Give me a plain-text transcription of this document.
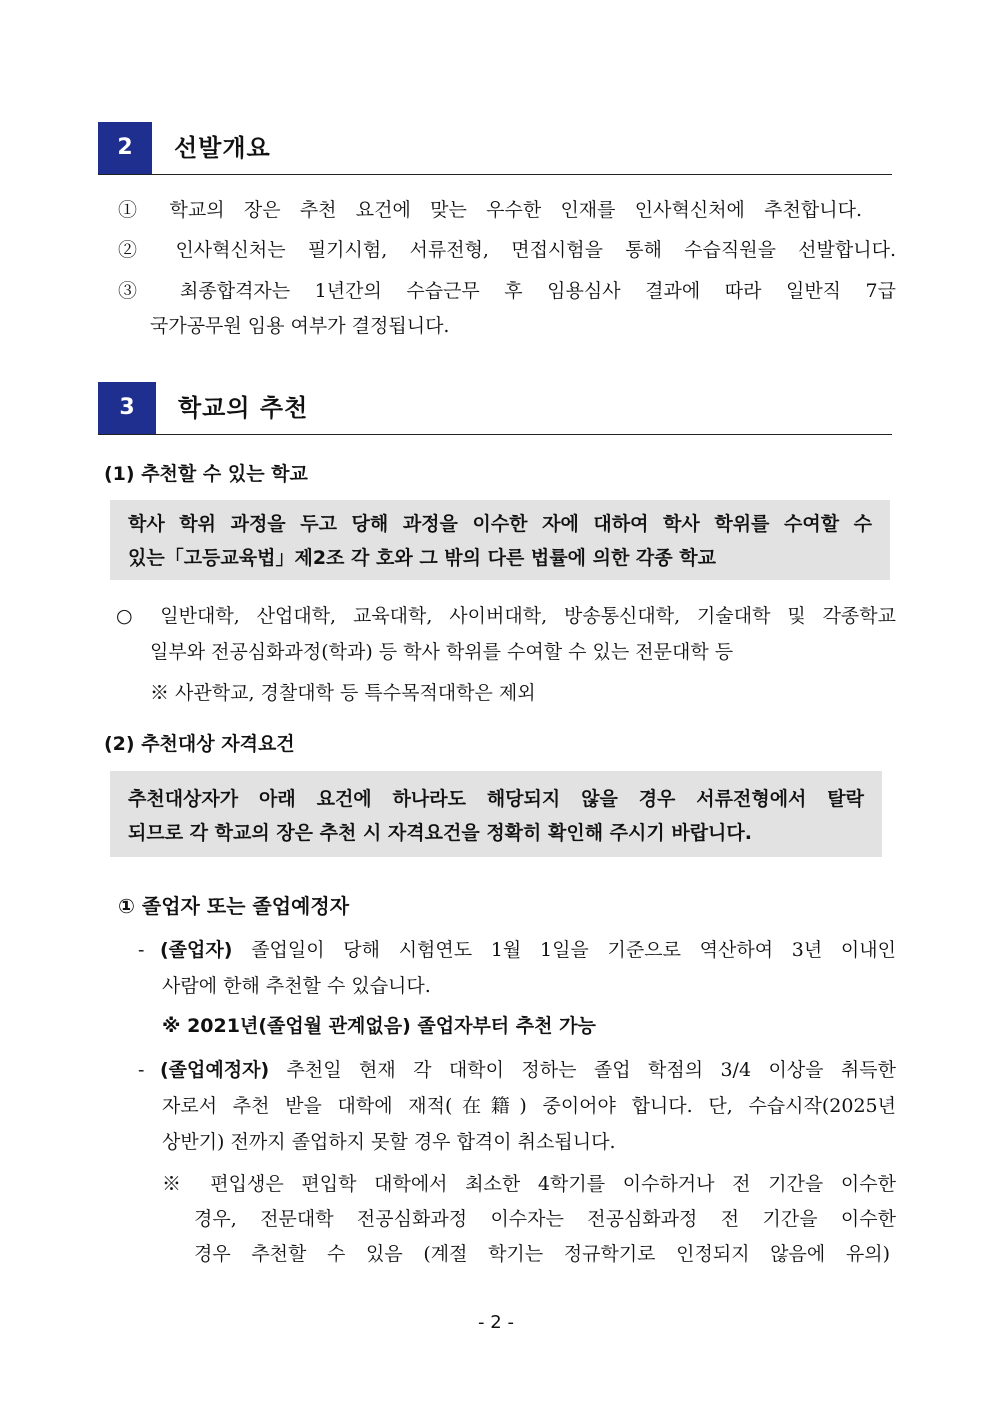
2	선발개요
① 학교의 장은 추천 요건에 맞는 우수한 인재를 인사혁신처에 추천합니다.
② 인사혁신처는 필기시험, 서류전형, 면접시험을 통해 수습직원을 선발합니다.
③ 최종합격자는 1년간의 수습근무 후 임용심사 결과에 따라 일반직 7급
국가공무원 임용 여부가 결정됩니다.
3	학교의 추천
(1) 추천할 수 있는 학교
학사 학위 과정을 두고 당해 과정을 이수한 자에 대하여 학사 학위를 수여할 수
있는「고등교육법」제2조 각 호와 그 밖의 다른 법률에 의한 각종 학교
○ 일반대학, 산업대학, 교육대학, 사이버대학, 방송통신대학, 기술대학 및 각종학교
일부와 전공심화과정(학과) 등 학사 학위를 수여할 수 있는 전문대학 등
※ 사관학교, 경찰대학 등 특수목적대학은 제외
(2) 추천대상 자격요건
추천대상자가 아래 요건에 하나라도 해당되지 않을 경우 서류전형에서 탈락
되므로 각 학교의 장은 추천 시 자격요건을 정확히 확인해 주시기 바랍니다.
① 졸업자 또는 졸업예정자
- (졸업자) 졸업일이 당해 시험연도 1월 1일을 기준으로 역산하여 3년 이내인
사람에 한해 추천할 수 있습니다.
※ 2021년(졸업월 관계없음) 졸업자부터 추천 가능
- (졸업예정자) 추천일 현재 각 대학이 정하는 졸업 학점의 3/4 이상을 취득한
자로서 추천 받을 대학에 재적(在籍) 중이어야 합니다. 단, 수습시작(2025년
상반기) 전까지 졸업하지 못할 경우 합격이 취소됩니다.
※ 편입생은 편입학 대학에서 최소한 4학기를 이수하거나 전 기간을 이수한
경우, 전문대학 전공심화과정 이수자는 전공심화과정 전 기간을 이수한
경우 추천할 수 있음 (계절 학기는 정규학기로 인정되지 않음에 유의)
- 2 -
